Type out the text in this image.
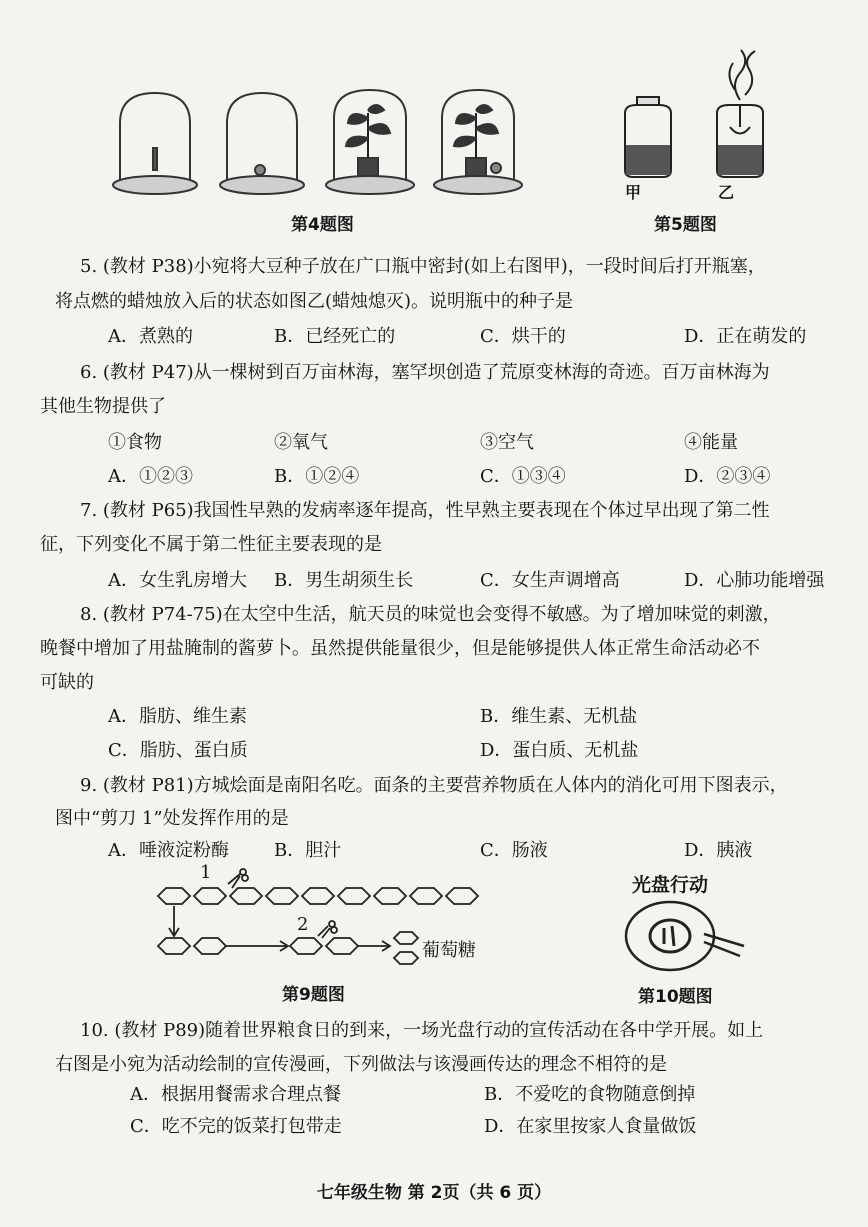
第4题图
甲	乙
第5题图
5. (教材 P38)小宛将大豆种子放在广口瓶中密封(如上右图甲)，一段时间后打开瓶塞，
将点燃的蜡烛放入后的状态如图乙(蜡烛熄灭)。说明瓶中的种子是
A．煮熟的	B．已经死亡的	C．烘干的	D．正在萌发的
6. (教材 P47)从一棵树到百万亩林海，塞罕坝创造了荒原变林海的奇迹。百万亩林海为
其他生物提供了
①食物	②氧气	③空气	④能量
A．①②③	B．①②④	C．①③④	D．②③④
7. (教材 P65)我国性早熟的发病率逐年提高，性早熟主要表现在个体过早出现了第二性
征，下列变化不属于第二性征主要表现的是
A．女生乳房增大 B．男生胡须生长	C．女生声调增高	D．心肺功能增强
8. (教材 P74-75)在太空中生活，航天员的味觉也会变得不敏感。为了增加味觉的刺激，
晚餐中增加了用盐腌制的酱萝卜。虽然提供能量很少，但是能够提供人体正常生命活动必不
可缺的
A．脂肪、维生素	B．维生素、无机盐
C．脂肪、蛋白质	D．蛋白质、无机盐
9. (教材 P81)方城烩面是南阳名吃。面条的主要营养物质在人体内的消化可用下图表示，
图中“剪刀 1”处发挥作用的是
A．唾液淀粉酶	B．胆汁	C．肠液	D．胰液
1
2
葡萄糖
第9题图
光盘行动
第10题图
10. (教材 P89)随着世界粮食日的到来，一场光盘行动的宣传活动在各中学开展。如上
右图是小宛为活动绘制的宣传漫画，下列做法与该漫画传达的理念不相符的是
A．根据用餐需求合理点餐	B．不爱吃的食物随意倒掉
C．吃不完的饭菜打包带走	D．在家里按家人食量做饭
七年级生物 第 2页（共 6 页）
